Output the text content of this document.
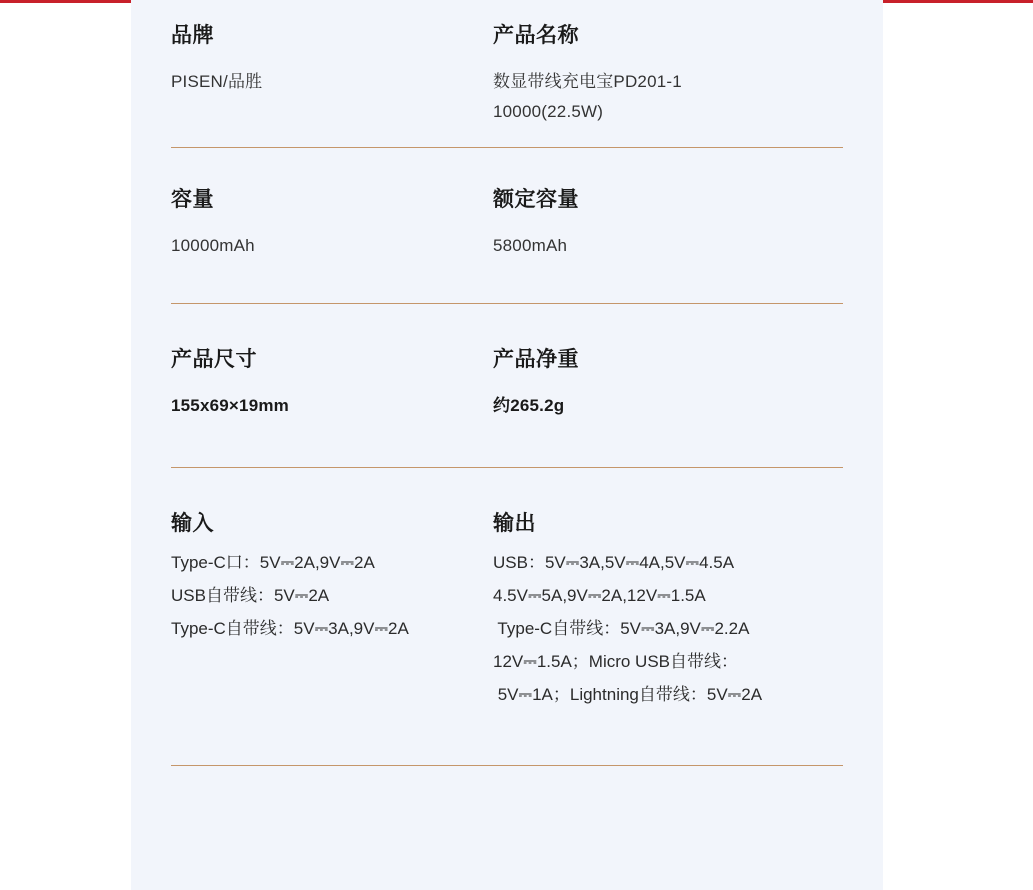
品牌
PISEN/品胜
产品名称
数显带线充电宝PD201-1
10000(22.5W)
容量
10000mAh
额定容量
5800mAh
产品尺寸
155x69×19mm
产品净重
约265.2g
输入
Type-C口：5V⎓2A,9V⎓2A
USB自带线：5V⎓2A
Type-C自带线：5V⎓3A,9V⎓2A
输出
USB：5V⎓3A,5V⎓4A,5V⎓4.5A
4.5V⎓5A,9V⎓2A,12V⎓1.5A
Type-C自带线：5V⎓3A,9V⎓2.2A
12V⎓1.5A；Micro USB自带线：
5V⎓1A；Lightning自带线：5V⎓2A
